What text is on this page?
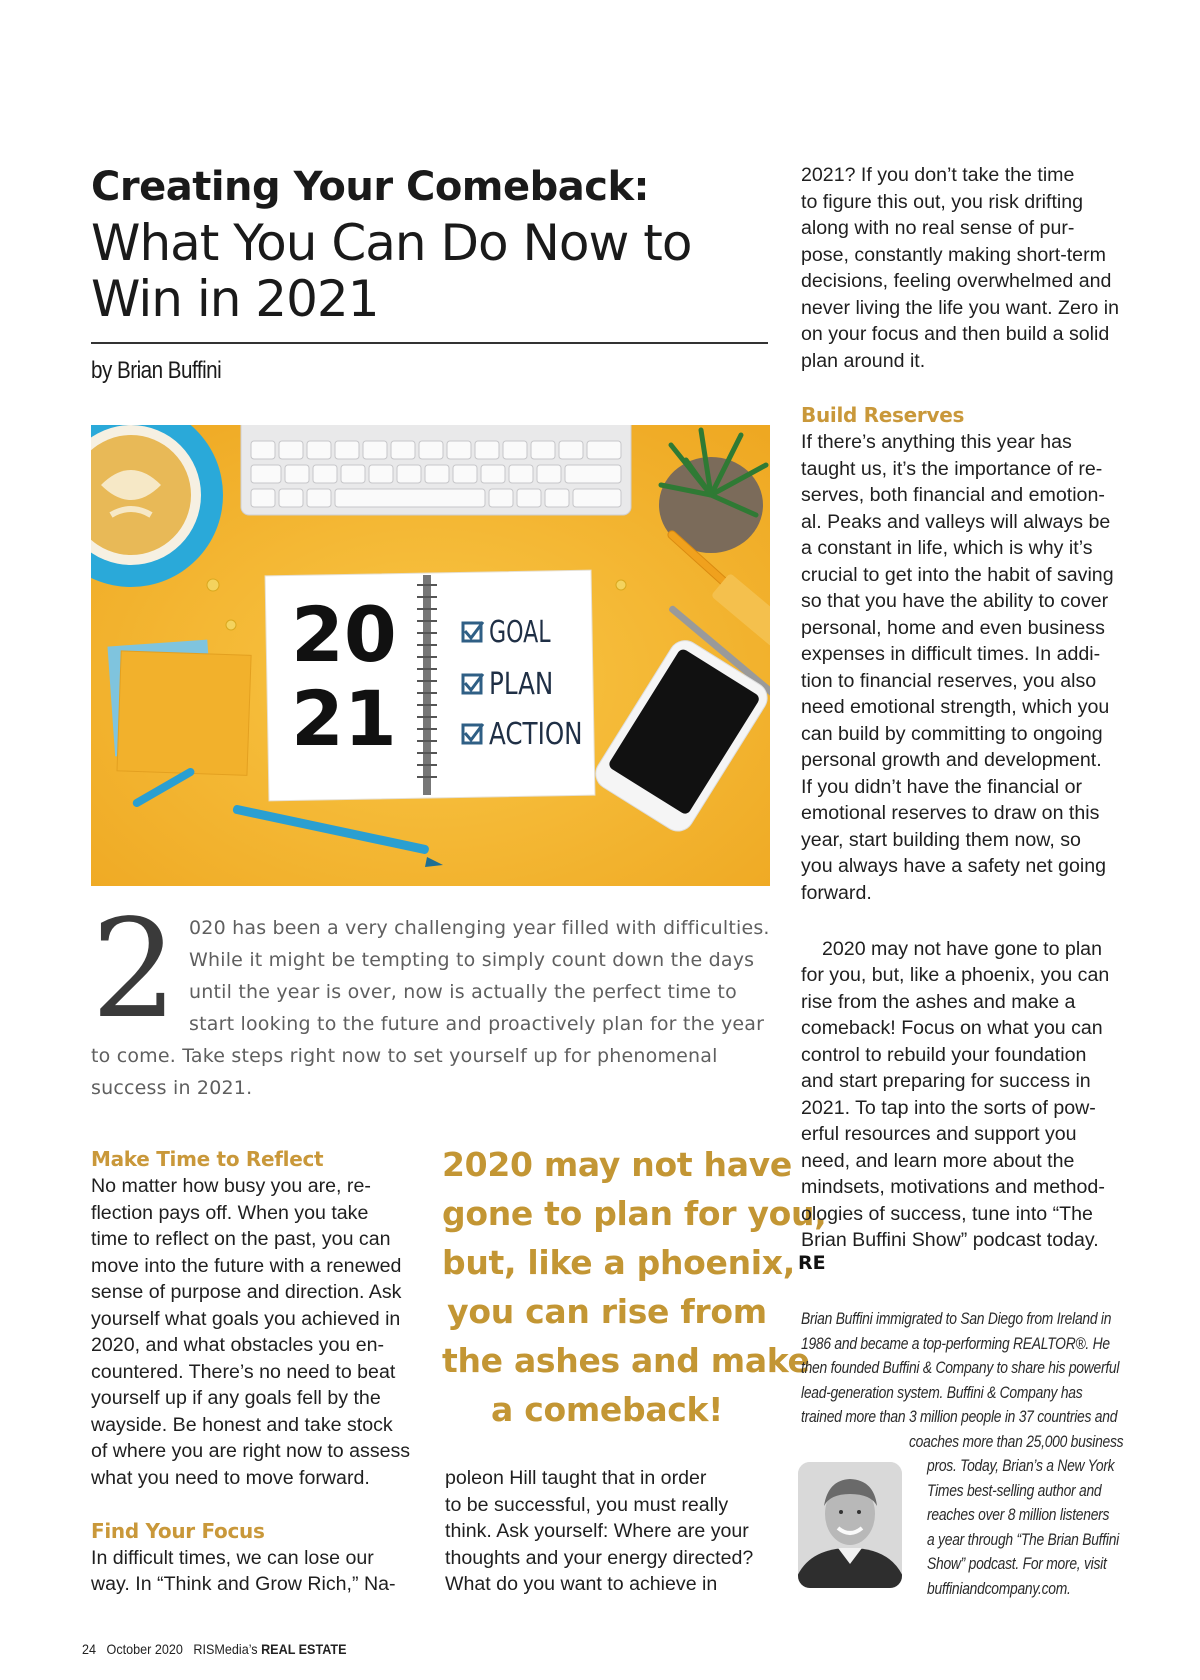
Creating Your Comeback:
What You Can Do Now to
Win in 2021
by Brian Buffini
20
21
GOAL
PLAN
ACTION
2 020 has been a very challenging year filled with difficulties.
While it might be tempting to simply count down the days
until the year is over, now is actually the perfect time to
start looking to the future and proactively plan for the year
to come. Take steps right now to set yourself up for phenomenal
success in 2021.
Make Time to Reflect
No matter how busy you are, re-
flection pays off. When you take
time to reflect on the past, you can
move into the future with a renewed
sense of purpose and direction. Ask
yourself what goals you achieved in
2020, and what obstacles you en-
countered. There’s no need to beat
yourself up if any goals fell by the
wayside. Be honest and take stock
of where you are right now to assess
what you need to move forward.
Find Your Focus
In difficult times, we can lose our
way. In “Think and Grow Rich,” Na-
2020 may not have
gone to plan for you,
but, like a phoenix,
you can rise from
the ashes and make
a comeback!
poleon Hill taught that in order
to be successful, you must really
think. Ask yourself: Where are your
thoughts and your energy directed?
What do you want to achieve in
2021? If you don’t take the time
to figure this out, you risk drifting
along with no real sense of pur-
pose, constantly making short-term
decisions, feeling overwhelmed and
never living the life you want. Zero in
on your focus and then build a solid
plan around it.
Build Reserves
If there’s anything this year has
taught us, it’s the importance of re-
serves, both financial and emotion-
al. Peaks and valleys will always be
a constant in life, which is why it’s
crucial to get into the habit of saving
so that you have the ability to cover
personal, home and even business
expenses in difficult times. In addi-
tion to financial reserves, you also
need emotional strength, which you
can build by committing to ongoing
personal growth and development.
If you didn’t have the financial or
emotional reserves to draw on this
year, start building them now, so
you always have a safety net going
forward.
2020 may not have gone to plan
for you, but, like a phoenix, you can
rise from the ashes and make a
comeback! Focus on what you can
control to rebuild your foundation
and start preparing for success in
2021. To tap into the sorts of pow-
erful resources and support you
need, and learn more about the
mindsets, motivations and method-
ologies of success, tune into “The
Brian Buffini Show” podcast today.
RE
Brian Buffini immigrated to San Diego from Ireland in
1986 and became a top-performing REALTOR®. He
then founded Buffini & Company to share his powerful
lead-generation system. Buffini & Company has
trained more than 3 million people in 37 countries and
coaches more than 25,000 business
pros. Today, Brian’s a New York
Times best-selling author and
reaches over 8 million listeners
a year through “The Brian Buffini
Show” podcast. For more, visit
buffiniandcompany.com.
24 October 2020 RISMedia’s REAL ESTATE
